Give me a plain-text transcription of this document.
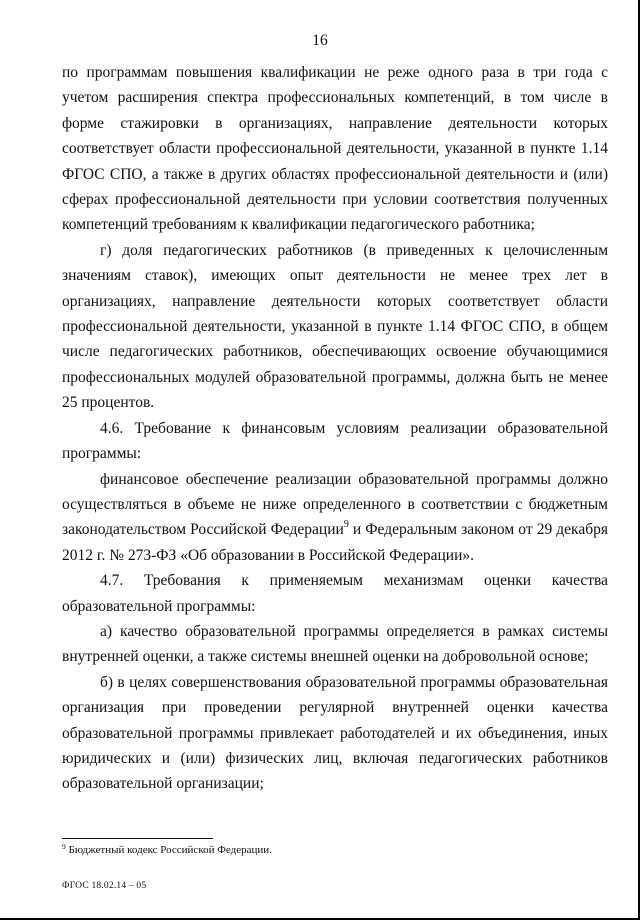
16

по программам повышения квалификации не реже одного раза в три года с учетом расширения спектра профессиональных компетенций, в том числе в форме стажировки в организациях, направление деятельности которых соответствует области профессиональной деятельности, указанной в пункте 1.14 ФГОС СПО, а также в других областях профессиональной деятельности и (или) сферах профессиональной деятельности при условии соответствия полученных компетенций требованиям к квалификации педагогического работника;

г) доля педагогических работников (в приведенных к целочисленным значениям ставок), имеющих опыт деятельности не менее трех лет в организациях, направление деятельности которых соответствует области профессиональной деятельности, указанной в пункте 1.14 ФГОС СПО, в общем числе педагогических работников, обеспечивающих освоение обучающимися профессиональных модулей образовательной программы, должна быть не менее 25 процентов.

4.6. Требование к финансовым условиям реализации образовательной программы:

финансовое обеспечение реализации образовательной программы должно осуществляться в объеме не ниже определенного в соответствии с бюджетным законодательством Российской Федерации$^9$ и Федеральным законом от 29 декабря 2012 г. № 273-ФЗ «Об образовании в Российской Федерации».

4.7. Требования к применяемым механизмам оценки качества образовательной программы:

а) качество образовательной программы определяется в рамках системы внутренней оценки, а также системы внешней оценки на добровольной основе;

б) в целях совершенствования образовательной программы образовательная организация при проведении регулярной внутренней оценки качества образовательной программы привлекает работодателей и их объединения, иных юридических и (или) физических лиц, включая педагогических работников образовательной организации;

$^9$ Бюджетный кодекс Российской Федерации.
ФГОС 18.02.14 – 05
